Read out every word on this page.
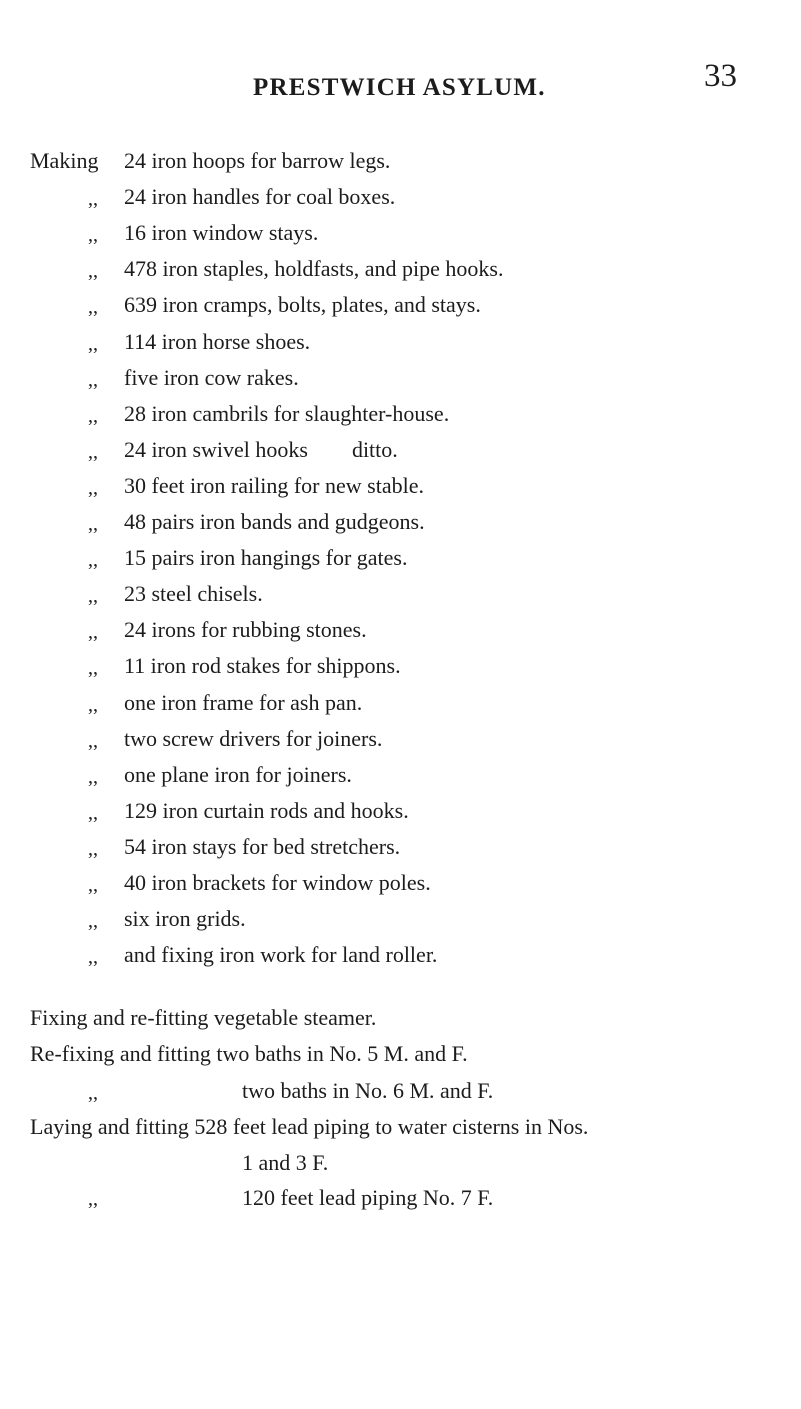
PRESTWICH ASYLUM.	33
Making 24 iron hoops for barrow legs.
,, 24 iron handles for coal boxes.
,, 16 iron window stays.
,, 478 iron staples, holdfasts, and pipe hooks.
,, 639 iron cramps, bolts, plates, and stays.
,, 114 iron horse shoes.
,, five iron cow rakes.
,, 28 iron cambrils for slaughter-house.
,, 24 iron swivel hooks        ditto.
,, 30 feet iron railing for new stable.
,, 48 pairs iron bands and gudgeons.
,, 15 pairs iron hangings for gates.
,, 23 steel chisels.
,, 24 irons for rubbing stones.
,, 11 iron rod stakes for shippons.
,, one iron frame for ash pan.
,, two screw drivers for joiners.
,, one plane iron for joiners.
,, 129 iron curtain rods and hooks.
,, 54 iron stays for bed stretchers.
,, 40 iron brackets for window poles.
,, six iron grids.
,, and fixing iron work for land roller.
Fixing and re-fitting vegetable steamer.
Re-fixing and fitting two baths in No. 5 M. and F.
,,	two baths in No. 6 M. and F.
Laying and fitting 528 feet lead piping to water cisterns in Nos.
1 and 3 F.
,,	120 feet lead piping No. 7 F.
